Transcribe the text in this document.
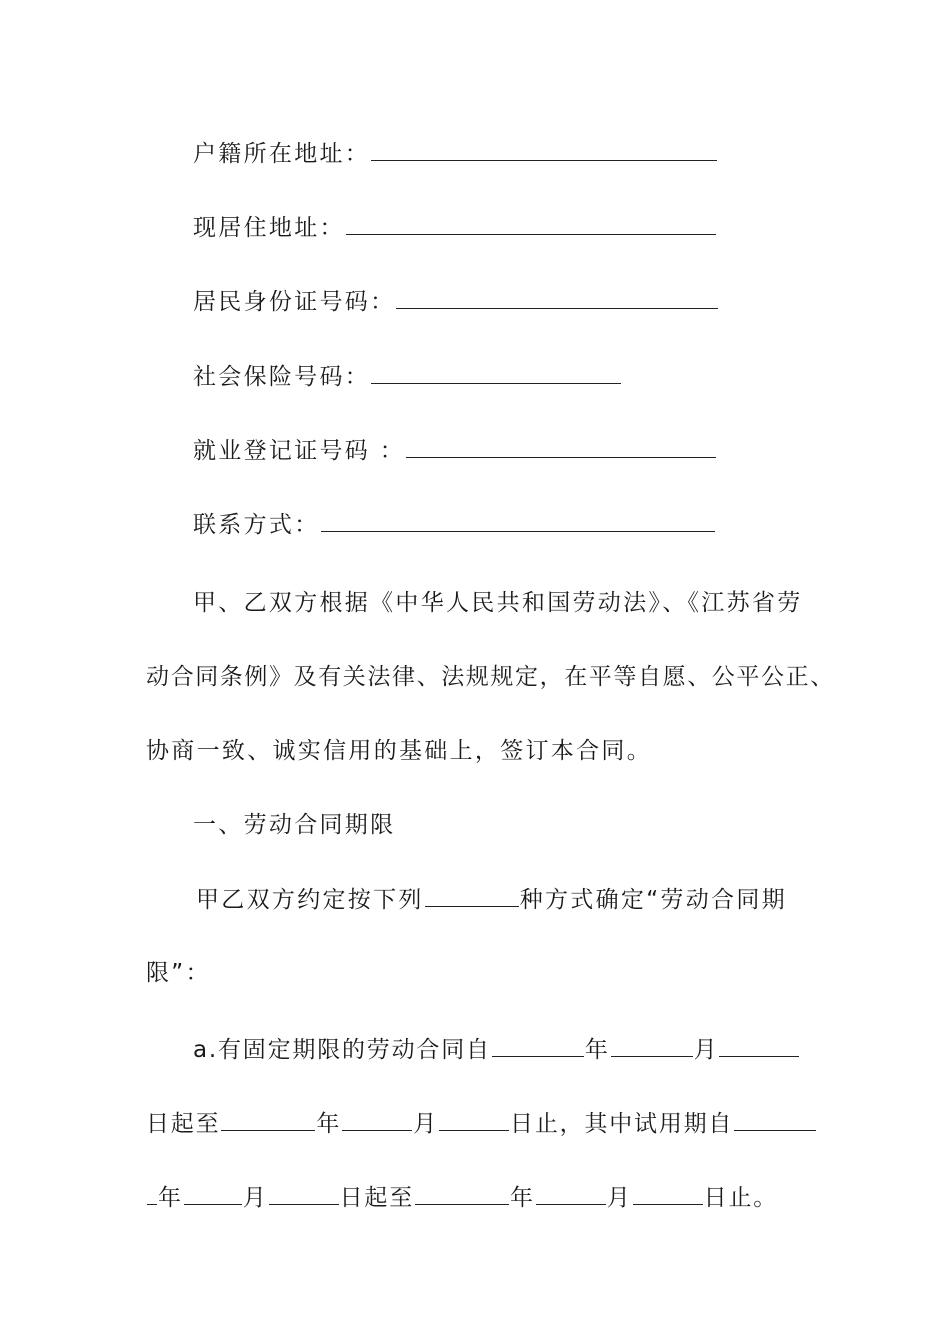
户籍所在地址：
现居住地址：
居民身份证号码：
社会保险号码：
就业登记证号码 ：
联系方式：
甲、乙双方根据《中华人民共和国劳动法》、《江苏省劳
动合同条例》及有关法律、法规规定，在平等自愿、公平公正、
协商一致、诚实信用的基础上，签订本合同。
一、劳动合同期限
甲乙双方约定按下列	种方式确定“劳动合同期
限”：
a.有固定期限的劳动合同自	年	月
日起至	年	月	日止，其中试用期自
年	月	日起至	年	月	日止。
